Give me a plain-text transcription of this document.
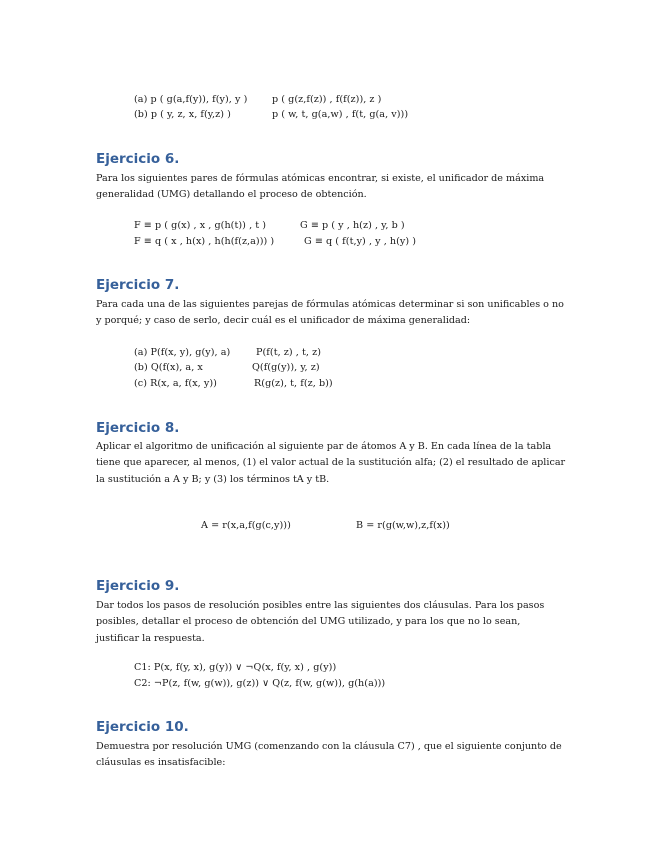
(a) p ( g(a,f(y)), f(y), y )	p ( g(z,f(z)) , f(f(z)), z )
(b) p ( y, z, x, f(y,z) )	p ( w, t, g(a,w) , f(t, g(a, v)))
Ejercicio 6.
Para los siguientes pares de fórmulas atómicas encontrar, si existe, el unificador de máxima generalidad (UMG) detallando el proceso de obtención.
F ≡ p ( g(x) , x , g(h(t)) , t )	G ≡ p ( y , h(z) , y, b )
F ≡ q ( x , h(x) , h(h(f(z,a))) )	G ≡ q ( f(t,y) , y , h(y) )
Ejercicio 7.
Para cada una de las siguientes parejas de fórmulas atómicas determinar si son unificables o no y porqué; y caso de serlo, decir cuál es el unificador de máxima generalidad:
(a) P(f(x, y), g(y), a)	P(f(t, z) , t, z)
(b) Q(f(x), a, x	Q(f(g(y)), y, z)
(c) R(x, a, f(x, y))	R(g(z), t, f(z, b))
Ejercicio 8.
Aplicar el algoritmo de unificación al siguiente par de átomos A y B. En cada línea de la tabla tiene que aparecer, al menos, (1) el valor actual de la sustitución alfa; (2) el resultado de aplicar la sustitución a A y B; y (3) los términos tA y tB.
A = r(x,a,f(g(c,y)))	B = r(g(w,w),z,f(x))
Ejercicio 9.
Dar todos los pasos de resolución posibles entre las siguientes dos cláusulas. Para los pasos posibles, detallar el proceso de obtención del UMG utilizado, y para los que no lo sean, justificar la respuesta.
C1: P(x, f(y, x), g(y)) ∨ ¬Q(x, f(y, x) , g(y))
C2: ¬P(z, f(w, g(w)), g(z)) ∨ Q(z, f(w, g(w)), g(h(a)))
Ejercicio 10.
Demuestra por resolución UMG (comenzando con la cláusula C7) , que el siguiente conjunto de cláusulas es insatisfacible:
